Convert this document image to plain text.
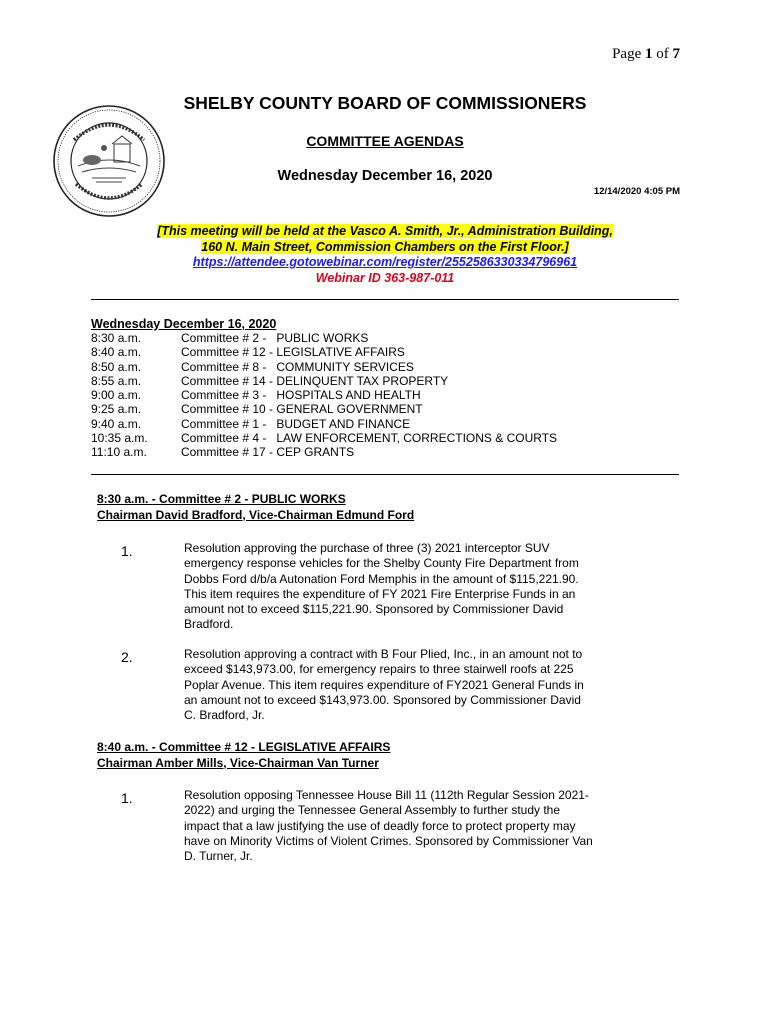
Page 1 of 7
SHELBY COUNTY BOARD OF COMMISSIONERS
COMMITTEE AGENDAS
Wednesday December 16, 2020
12/14/2020 4:05 PM
[This meeting will be held at the Vasco A. Smith, Jr., Administration Building,
160 N. Main Street, Commission Chambers on the First Floor.]
https://attendee.gotowebinar.com/register/2552586330334796961
Webinar ID 363-987-011
Wednesday December 16, 2020
8:30 a.m.	Committee # 2 -   PUBLIC WORKS
8:40 a.m.	Committee # 12 - LEGISLATIVE AFFAIRS
8:50 a.m.	Committee # 8 -   COMMUNITY SERVICES
8:55 a.m.	Committee # 14 - DELINQUENT TAX PROPERTY
9:00 a.m.	Committee # 3 -   HOSPITALS AND HEALTH
9:25 a.m.	Committee # 10 - GENERAL GOVERNMENT
9:40 a.m.	Committee # 1 -   BUDGET AND FINANCE
10:35 a.m.	Committee # 4 -   LAW ENFORCEMENT, CORRECTIONS & COURTS
11:10 a.m.	Committee # 17 - CEP GRANTS
8:30 a.m. - Committee # 2 - PUBLIC WORKS
Chairman David Bradford, Vice-Chairman Edmund Ford
1.	Resolution approving the purchase of three (3) 2021 interceptor SUV emergency response vehicles for the Shelby County Fire Department from Dobbs Ford d/b/a Autonation Ford Memphis in the amount of $115,221.90. This item requires the expenditure of FY 2021 Fire Enterprise Funds in an amount not to exceed $115,221.90. Sponsored by Commissioner David Bradford.
2.	Resolution approving a contract with B Four Plied, Inc., in an amount not to exceed $143,973.00, for emergency repairs to three stairwell roofs at 225 Poplar Avenue. This item requires expenditure of FY2021 General Funds in an amount not to exceed $143,973.00. Sponsored by Commissioner David C. Bradford, Jr.
8:40 a.m. - Committee # 12 - LEGISLATIVE AFFAIRS
Chairman Amber Mills, Vice-Chairman Van Turner
1.	Resolution opposing Tennessee House Bill 11 (112th Regular Session 2021-2022) and urging the Tennessee General Assembly to further study the impact that a law justifying the use of deadly force to protect property may have on Minority Victims of Violent Crimes. Sponsored by Commissioner Van D. Turner, Jr.
